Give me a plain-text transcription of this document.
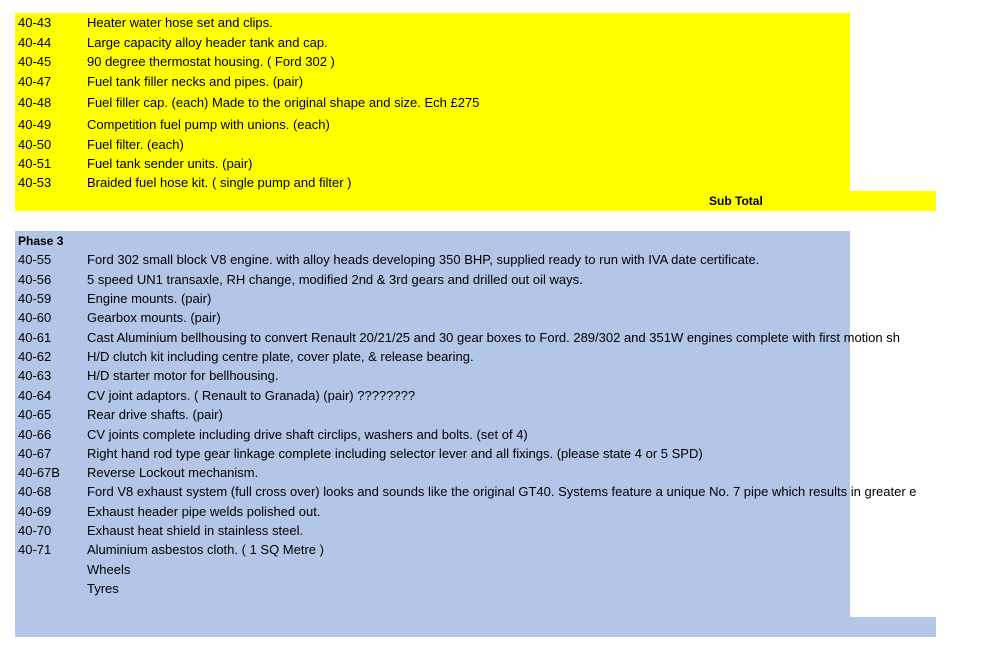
40-43	Heater water hose set and clips.
40-44	Large capacity alloy header tank and cap.
40-45	90 degree thermostat housing. ( Ford 302 )
40-47	Fuel tank filler necks and pipes. (pair)
40-48	Fuel filler cap. (each) Made to the original shape and size. Ech £275
40-49	Competition fuel pump with unions. (each)
40-50	Fuel filter. (each)
40-51	Fuel tank sender units. (pair)
40-53	Braided fuel hose kit. ( single pump and filter )
Sub Total
Phase 3
40-55	Ford 302 small block V8 engine. with alloy heads developing 350 BHP, supplied ready to run with IVA date certificate.
40-56	5 speed UN1 transaxle, RH change, modified 2nd & 3rd gears and drilled out oil ways.
40-59	Engine mounts. (pair)
40-60	Gearbox mounts. (pair)
40-61	Cast Aluminium bellhousing to convert Renault 20/21/25 and 30 gear boxes to Ford. 289/302 and 351W engines complete with first motion sh
40-62	H/D clutch kit including centre plate, cover plate, & release bearing.
40-63	H/D starter motor for bellhousing.
40-64	CV joint adaptors. ( Renault to Granada) (pair) ????????
40-65	Rear drive shafts. (pair)
40-66	CV joints complete including drive shaft circlips, washers and bolts. (set of 4)
40-67	Right hand rod type gear linkage complete including selector lever and all fixings. (please state 4 or 5 SPD)
40-67B	Reverse Lockout mechanism.
40-68	Ford V8 exhaust system (full cross over) looks and sounds like the original GT40. Systems feature a unique No. 7 pipe which results in greater e
40-69	Exhaust header pipe welds polished out.
40-70	Exhaust heat shield in stainless steel.
40-71	Aluminium asbestos cloth. ( 1 SQ Metre )
Wheels
Tyres
